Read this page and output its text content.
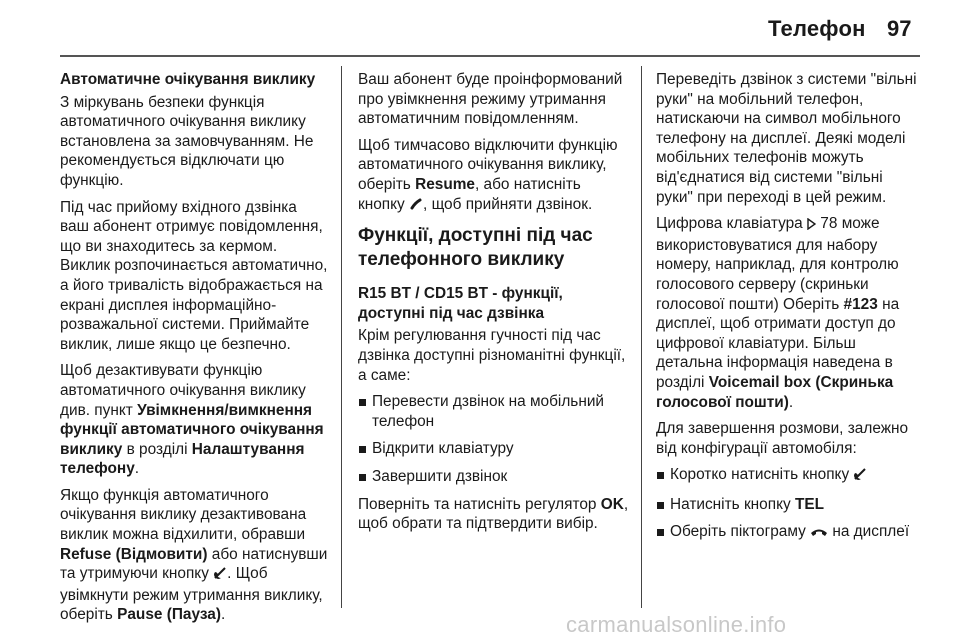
Телефон 97
Автоматичне очікування виклику

З міркувань безпеки функція автоматичного очікування виклику встановлена за замовчуванням. Не рекомендується відключати цю функцію.

Під час прийому вхідного дзвінка ваш абонент отримує повідомлення, що ви знаходитесь за кермом. Виклик розпочинається автоматично, а його тривалість відображається на екрані дисплея інформаційно-розважальної системи. Приймайте виклик, лише якщо це безпечно.

Щоб дезактивувати функцію автоматичного очікування виклику див. пункт Увімкнення/вимкнення функції автоматичного очікування виклику в розділі Налаштування телефону.

Якщо функція автоматичного очікування виклику дезактивована виклик можна відхилити, обравши Refuse (Відмовити) або натиснувши та утримуючи кнопку . Щоб увімкнути режим утримання виклику, оберіть Pause (Пауза).

Ваш абонент буде проінформований про увімкнення режиму утримання автоматичним повідомленням.

Щоб тимчасово відключити функцію автоматичного очікування виклику, оберіть Resume, або натисніть кнопку , щоб прийняти дзвінок.

Функції, доступні під час телефонного виклику
R15 BT / CD15 BT - функції, доступні під час дзвінка

Крім регулювання гучності під час дзвінка доступні різноманітні функції, а саме:

Перевести дзвінок на мобільний телефон
Відкрити клавіатуру
Завершити дзвінок

Поверніть та натисніть регулятор OK, щоб обрати та підтвердити вибір.

Переведіть дзвінок з системи "вільні руки" на мобільний телефон, натискаючи на символ мобільного телефону на дисплеї. Деякі моделі мобільних телефонів можуть від'єднатися від системи "вільні руки" при переході в цей режим.

Цифрова клавіатура  78 може використовуватися для набору номеру, наприклад, для контролю голосового серверу (скриньки голосової пошти) Оберіть #123 на дисплеї, щоб отримати доступ до цифрової клавіатури. Більш детальна інформація наведена в розділі Voicemail box (Скринька голосової пошти).

Для завершення розмови, залежно від конфігурації автомобіля:

Коротко натисніть кнопку
Натисніть кнопку TEL
Оберіть піктограму  на дисплеї
carmanualsonline.info
